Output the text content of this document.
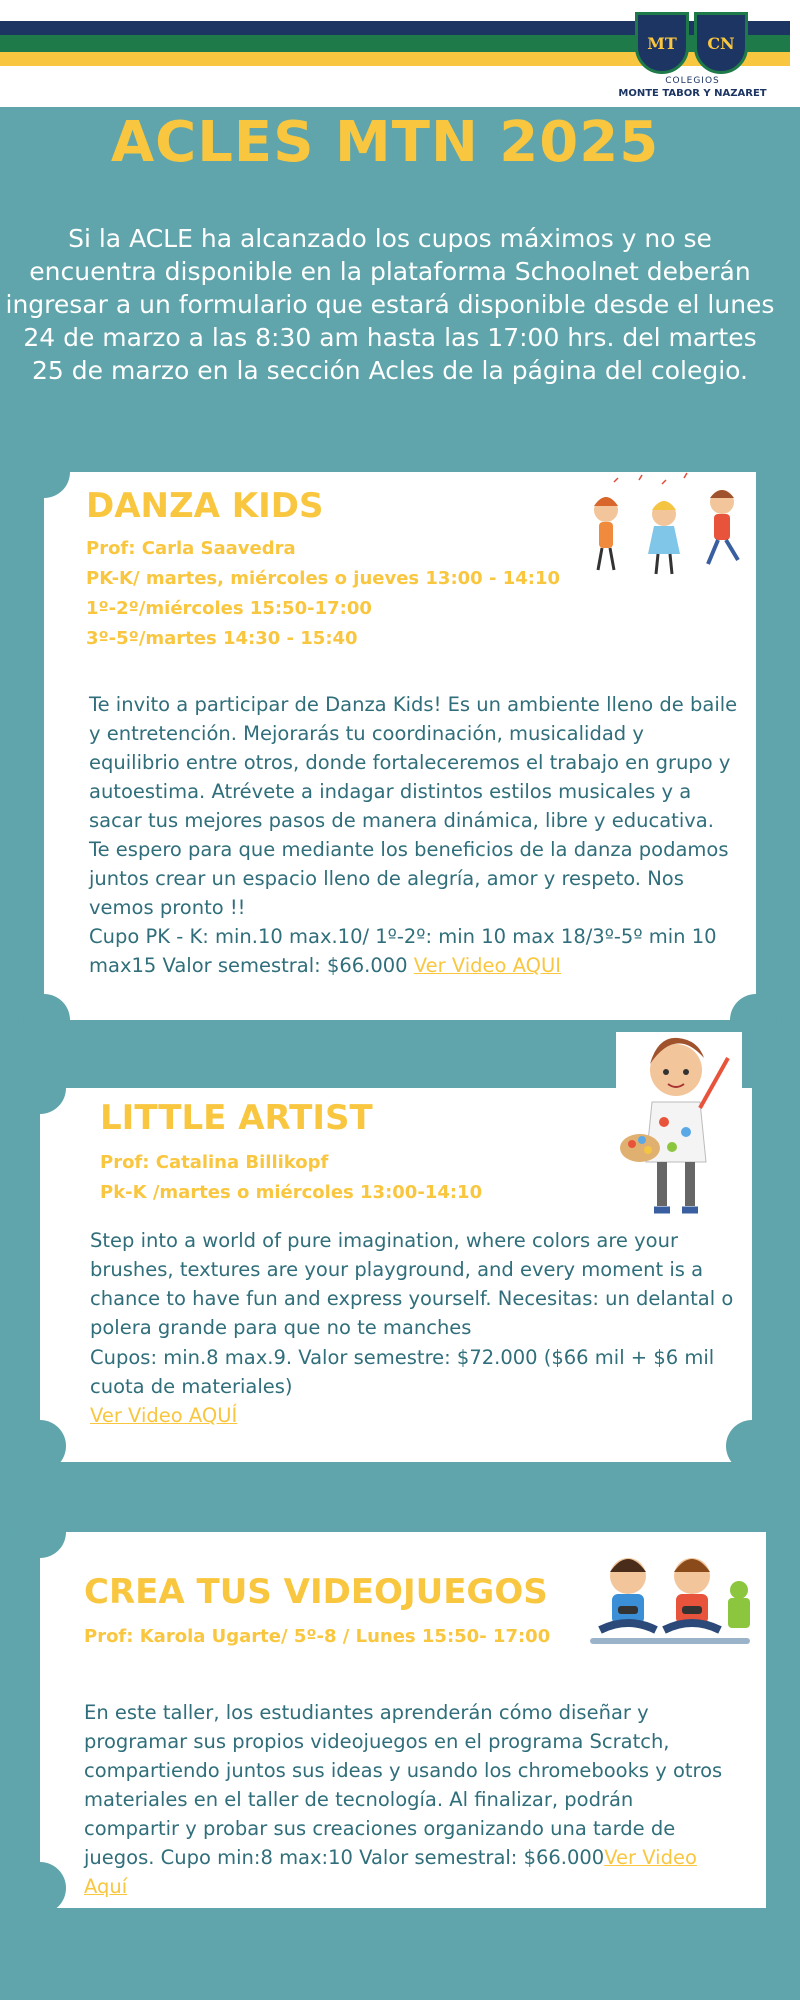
MT CN
COLEGIOS
MONTE TABOR Y NAZARET
ACLES MTN 2025

Si la ACLE ha alcanzado los cupos máximos y no se encuentra disponible en la plataforma Schoolnet deberán ingresar a un formulario que estará disponible desde el lunes 24 de marzo a las 8:30 am hasta las 17:00 hrs. del martes 25 de marzo en la sección Acles de la página del colegio.

DANZA KIDS

Prof: Carla Saavedra

PK-K/ martes, miércoles o jueves 13:00 - 14:10

1º-2º/miércoles 15:50-17:00

3º-5º/martes 14:30 - 15:40

Te invito a participar de Danza Kids! Es un ambiente lleno de baile y entretención. Mejorarás tu coordinación, musicalidad y equilibrio entre otros, donde fortaleceremos el trabajo en grupo y autoestima. Atrévete a indagar distintos estilos musicales y a sacar tus mejores pasos de manera dinámica, libre y educativa. Te espero para que mediante los beneficios de la danza podamos juntos crear un espacio lleno de alegría, amor y respeto. Nos vemos pronto !!

Cupo PK - K: min.10 max.10/ 1º-2º: min 10 max 18/3º-5º min 10 max15 Valor semestral: $66.000 Ver Video AQUI

LITTLE ARTIST

Prof: Catalina Billikopf

Pk-K /martes o miércoles 13:00-14:10

Step into a world of pure imagination, where colors are your brushes, textures are your playground, and every moment is a chance to have fun and express yourself. Necesitas: un delantal o polera grande para que no te manches

Cupos: min.8 max.9. Valor semestre: $72.000 ($66 mil + $6 mil cuota de materiales)

Ver Video AQUÍ

CREA TUS VIDEOJUEGOS

Prof: Karola Ugarte/ 5º-8 / Lunes 15:50- 17:00

En este taller, los estudiantes aprenderán cómo diseñar y programar sus propios videojuegos en el programa Scratch, compartiendo juntos sus ideas y usando los chromebooks y otros materiales en el taller de tecnología. Al finalizar, podrán compartir y probar sus creaciones organizando una tarde de juegos. Cupo min:8 max:10 Valor semestral: $66.000Ver Video Aquí
